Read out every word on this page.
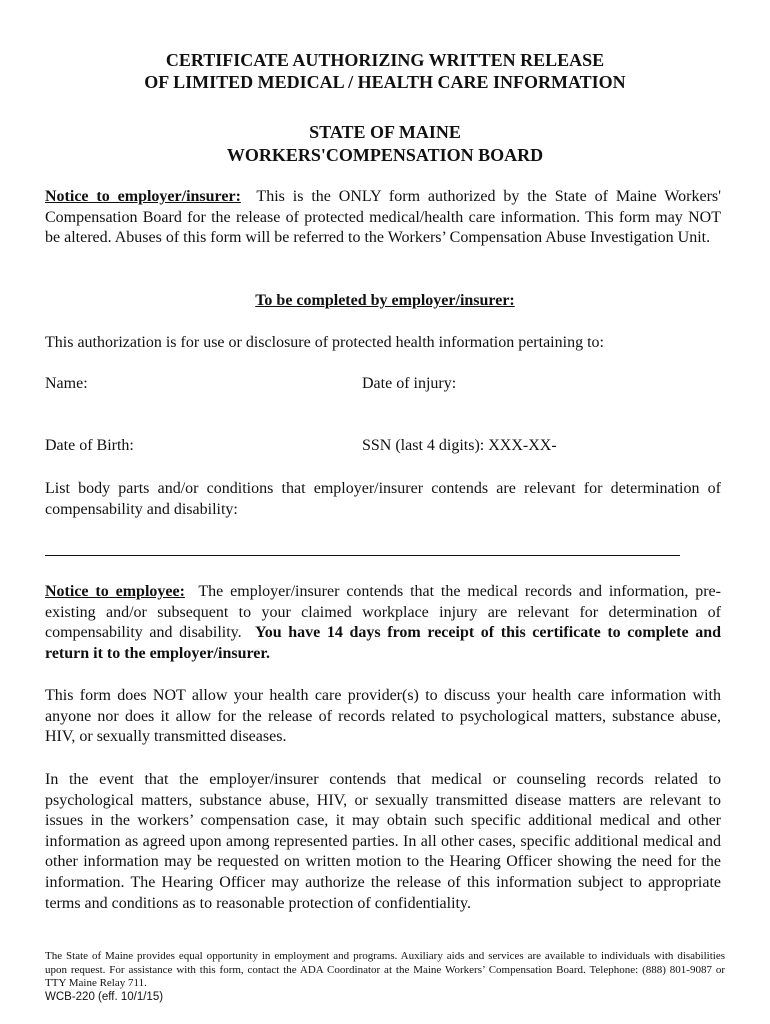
CERTIFICATE AUTHORIZING WRITTEN RELEASE

OF LIMITED MEDICAL / HEALTH CARE INFORMATION

STATE OF MAINE

WORKERS'COMPENSATION BOARD

Notice to employer/insurer: This is the ONLY form authorized by the State of Maine Workers' Compensation Board for the release of protected medical/health care information. This form may NOT be altered. Abuses of this form will be referred to the Workers’ Compensation Abuse Investigation Unit.

To be completed by employer/insurer:

This authorization is for use or disclosure of protected health information pertaining to:

Name:	Date of injury:

Date of Birth:	SSN (last 4 digits): XXX-XX-

List body parts and/or conditions that employer/insurer contends are relevant for determination of compensability and disability:

Notice to employee: The employer/insurer contends that the medical records and information, pre-existing and/or subsequent to your claimed workplace injury are relevant for determination of compensability and disability. You have 14 days from receipt of this certificate to complete and return it to the employer/insurer.

This form does NOT allow your health care provider(s) to discuss your health care information with anyone nor does it allow for the release of records related to psychological matters, substance abuse, HIV, or sexually transmitted diseases.

In the event that the employer/insurer contends that medical or counseling records related to psychological matters, substance abuse, HIV, or sexually transmitted disease matters are relevant to issues in the workers’ compensation case, it may obtain such specific additional medical and other information as agreed upon among represented parties. In all other cases, specific additional medical and other information may be requested on written motion to the Hearing Officer showing the need for the information. The Hearing Officer may authorize the release of this information subject to appropriate terms and conditions as to reasonable protection of confidentiality.

The State of Maine provides equal opportunity in employment and programs. Auxiliary aids and services are available to individuals with disabilities upon request. For assistance with this form, contact the ADA Coordinator at the Maine Workers’ Compensation Board. Telephone: (888) 801-9087 or TTY Maine Relay 711.

WCB-220 (eff. 10/1/15)
